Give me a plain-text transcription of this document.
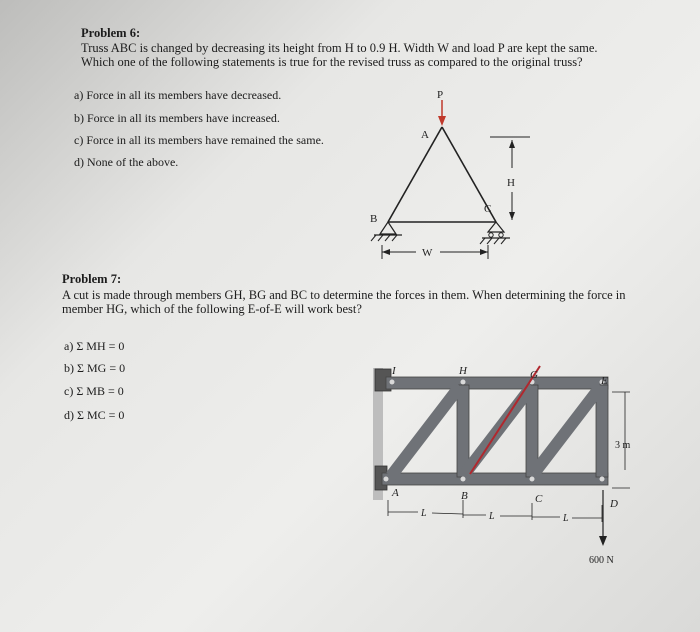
Problem 6:
Truss ABC is changed by decreasing its height from H to 0.9 H. Width W and load P are kept the same.
Which one of the following statements is true for the revised truss as compared to the original truss?
a) Force in all its members have decreased.
b) Force in all its members have increased.
c) Force in all its members have remained the same.
d) None of the above.
Problem 7:
A cut is made through members GH, BG and BC to determine the forces in them. When determining the force in
member HG, which of the following E-of-E will work best?
a) Σ MH = 0
b) Σ MG = 0
c) Σ MB = 0
d) Σ MC = 0
P
A
B
C
H
W
I	H	G	E
A	B	C	D
3 m
L	L	L
600 N
